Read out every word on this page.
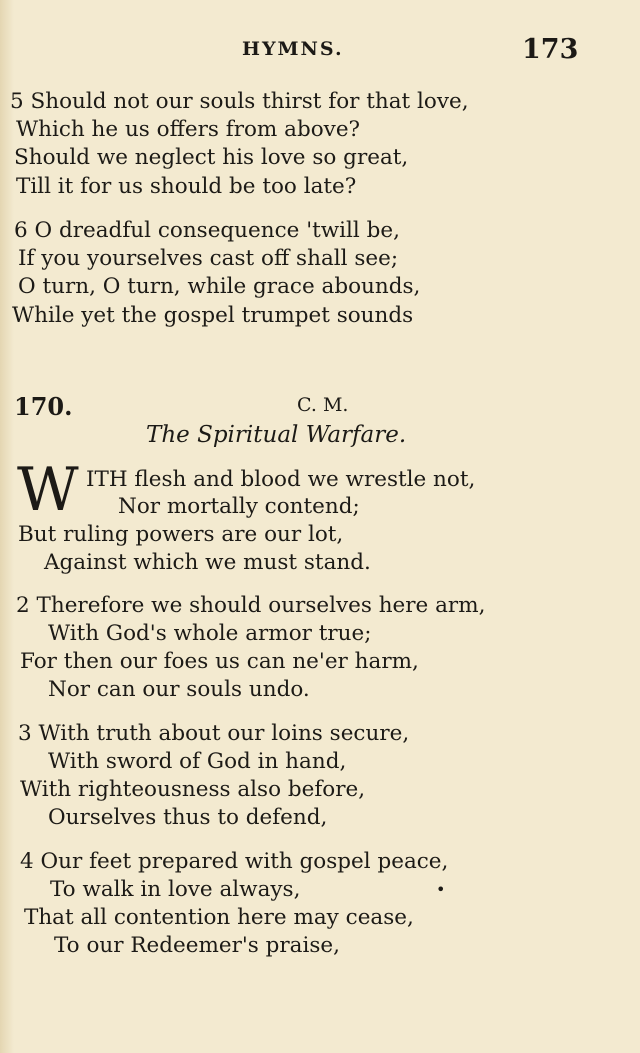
HYMNS.	173
5 Should not our souls thirst for that love,
Which he us offers from above?
Should we neglect his love so great,
Till it for us should be too late?
6 O dreadful consequence 'twill be,
If you yourselves cast off shall see;
O turn, O turn, while grace abounds,
While yet the gospel trumpet sounds
170.	C. M.
The Spiritual Warfare.
W ITH flesh and blood we wrestle not,
Nor mortally contend;
But ruling powers are our lot,
Against which we must stand.
2 Therefore we should ourselves here arm,
With God's whole armor true;
For then our foes us can ne'er harm,
Nor can our souls undo.
3 With truth about our loins secure,
With sword of God in hand,
With righteousness also before,
Ourselves thus to defend,
4 Our feet prepared with gospel peace,
To walk in love always,
That all contention here may cease,
To our Redeemer's praise,
•
